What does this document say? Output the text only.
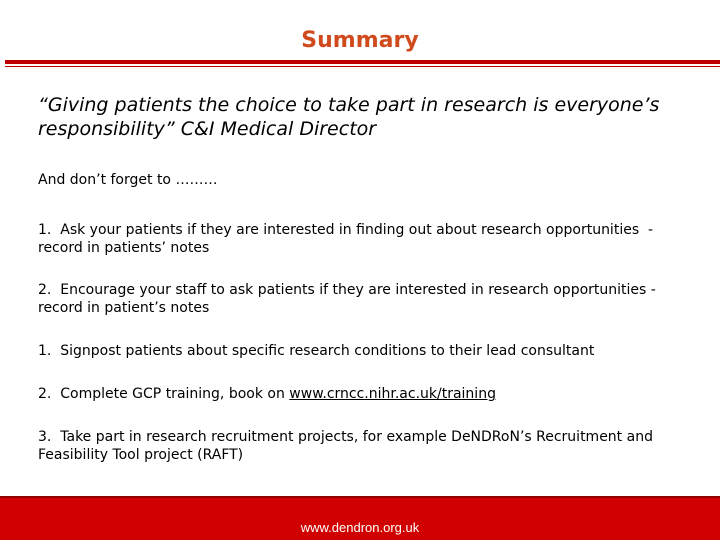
Summary
“Giving patients the choice to take part in research is everyone’s responsibility” C&I Medical Director
And don’t forget to ………
1.  Ask your patients if they are interested in finding out about research opportunities  - record in patients’ notes
2.  Encourage your staff to ask patients if they are interested in research opportunities - record in patient’s notes
1.  Signpost patients about specific research conditions to their lead consultant
2.  Complete GCP training, book on www.crncc.nihr.ac.uk/training
3.  Take part in research recruitment projects, for example DeNDRoN’s Recruitment and Feasibility Tool project (RAFT)
www.dendron.org.uk
